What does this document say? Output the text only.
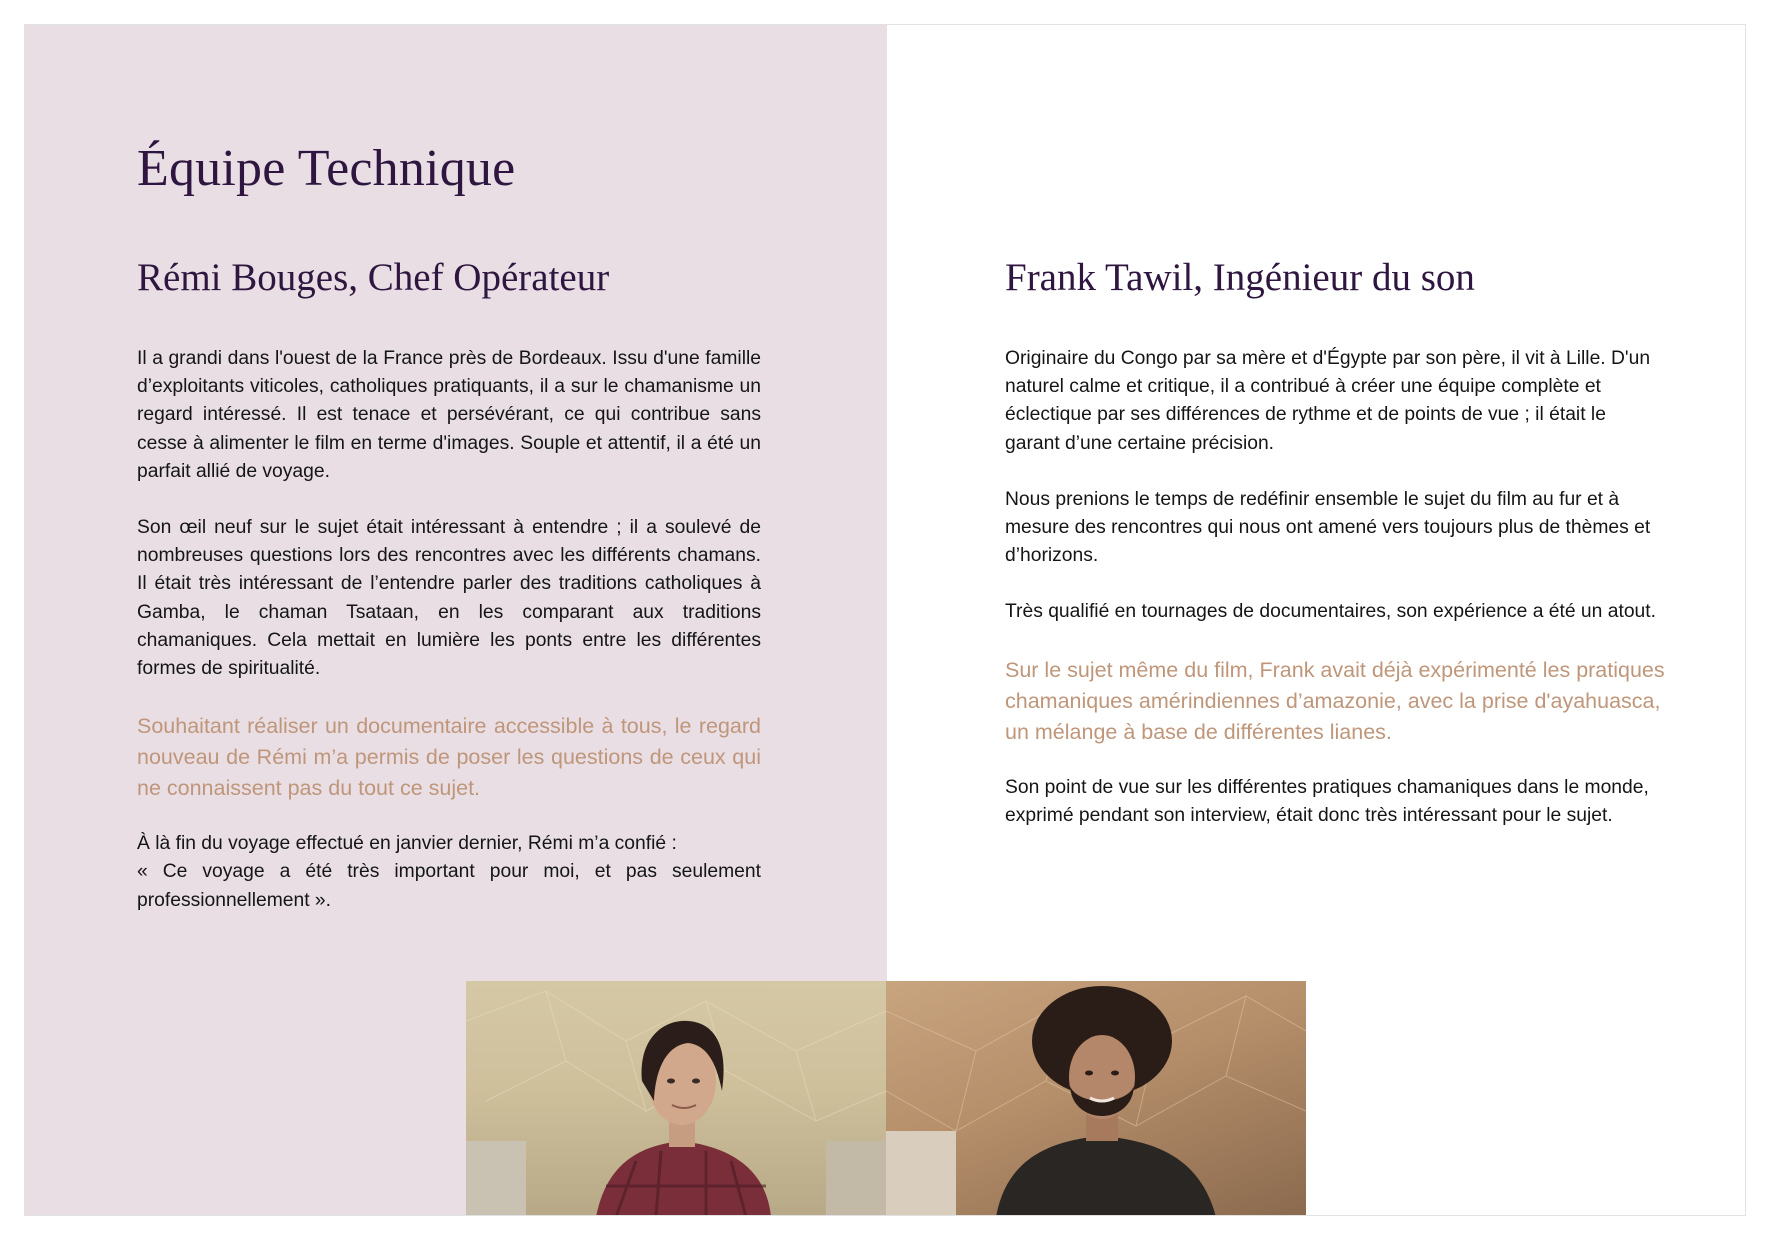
Équipe Technique
Rémi Bouges, Chef Opérateur	Frank Tawil, Ingénieur du son

Il a grandi dans l'ouest de la France près de Bordeaux. Issu d'une famille d’exploitants viticoles, catholiques pratiquants, il a sur le chamanisme un regard intéressé. Il est tenace et persévérant, ce qui contribue sans cesse à alimenter le film en terme d'images. Souple et attentif, il a été un parfait allié de voyage.

Son œil neuf sur le sujet était intéressant à entendre ; il a soulevé de nombreuses questions lors des rencontres avec les différents chamans. Il était très intéressant de l’entendre parler des traditions catholiques à Gamba, le chaman Tsataan, en les comparant aux traditions chamaniques. Cela mettait en lumière les ponts entre les différentes formes de spiritualité.

Souhaitant réaliser un documentaire accessible à tous, le regard nouveau de Rémi m’a permis de poser les questions de ceux qui ne connaissent pas du tout ce sujet.

À là fin du voyage effectué en janvier dernier, Rémi m’a confié :
« Ce voyage a été très important pour moi, et pas seulement professionnellement ».

Originaire du Congo par sa mère et d'Égypte par son père, il vit à Lille. D'un naturel calme et critique, il a contribué à créer une équipe complète et éclectique par ses différences de rythme et de points de vue ; il était le garant d’une certaine précision.

Nous prenions le temps de redéfinir ensemble le sujet du film au fur et à mesure des rencontres qui nous ont amené vers toujours plus de thèmes et d’horizons.

Très qualifié en tournages de documentaires, son expérience a été un atout.

Sur le sujet même du film, Frank avait déjà expérimenté les pratiques chamaniques amérindiennes d’amazonie, avec la prise d'ayahuasca, un mélange à base de différentes lianes.

Son point de vue sur les différentes pratiques chamaniques dans le monde, exprimé pendant son interview, était donc très intéressant pour le sujet.
